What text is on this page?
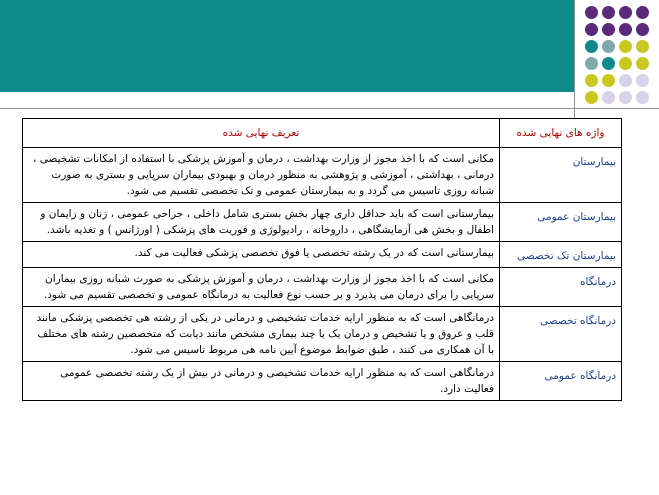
تعریف نهایی شده	واژه های نهایی شده
مکانی است که با اخذ مجوز از وزارت بهداشت ، درمان و آموزش پزشکی با استفاده از امکانات تشخیصی ، درمانی ، بهداشتی ، آموزشی و پژوهشی به منظور درمان و بهبودی بیماران سرپایی و بستری به صورت شبانه روزی تاسیس می گردد و به بیمارستان عمومی و تک تخصصی تقسیم می شود.	بیمارستان
بیمارستانی است که باید حداقل داری چهار بخش بستری شامل داخلی ، جراحی عمومی ، زنان و زایمان و اطفال و بخش هی آزمایشگاهی ، داروخانه ، رادیولوژی و فوریت های پزشکی ( اورژانس ) و تغذیه باشد.	بیمارستان عمومی
بیمارستانی است که در یک رشته تخصصی یا فوق تخصصی پزشکی فعالیت می کند.	بیمارستان تک تخصصی
مکانی است که با اخذ مجوز از وزارت بهداشت ، درمان و آموزش پزشکی به صورت شبانه روزی بیماران سرپایی را برای درمان می پذیرد و بر حسب نوع فعالیت به درمانگاه عمومی و تخصصی تقسیم می شود.	درمانگاه
درمانگاهی است که به منظور ارایه خدمات تشخیصی و درمانی در یکی از رشته هی تخصصی پزشکی مانند قلب و عروق و یا تشخیص و درمان یک یا چند بیماری مشخص مانند دیابت که متخصصین رشته های مختلف با آن همکاری می کنند ، طبق ضوابط موضوع آیین نامه هی مربوط تاسیس می شود.	درمانگاه تخصصی
درمانگاهی است که به منظور ارایه خدمات تشخیصی و درمانی در بیش از یک رشته تخصصی عمومی فعالیت دارد.	درمانگاه عمومی
